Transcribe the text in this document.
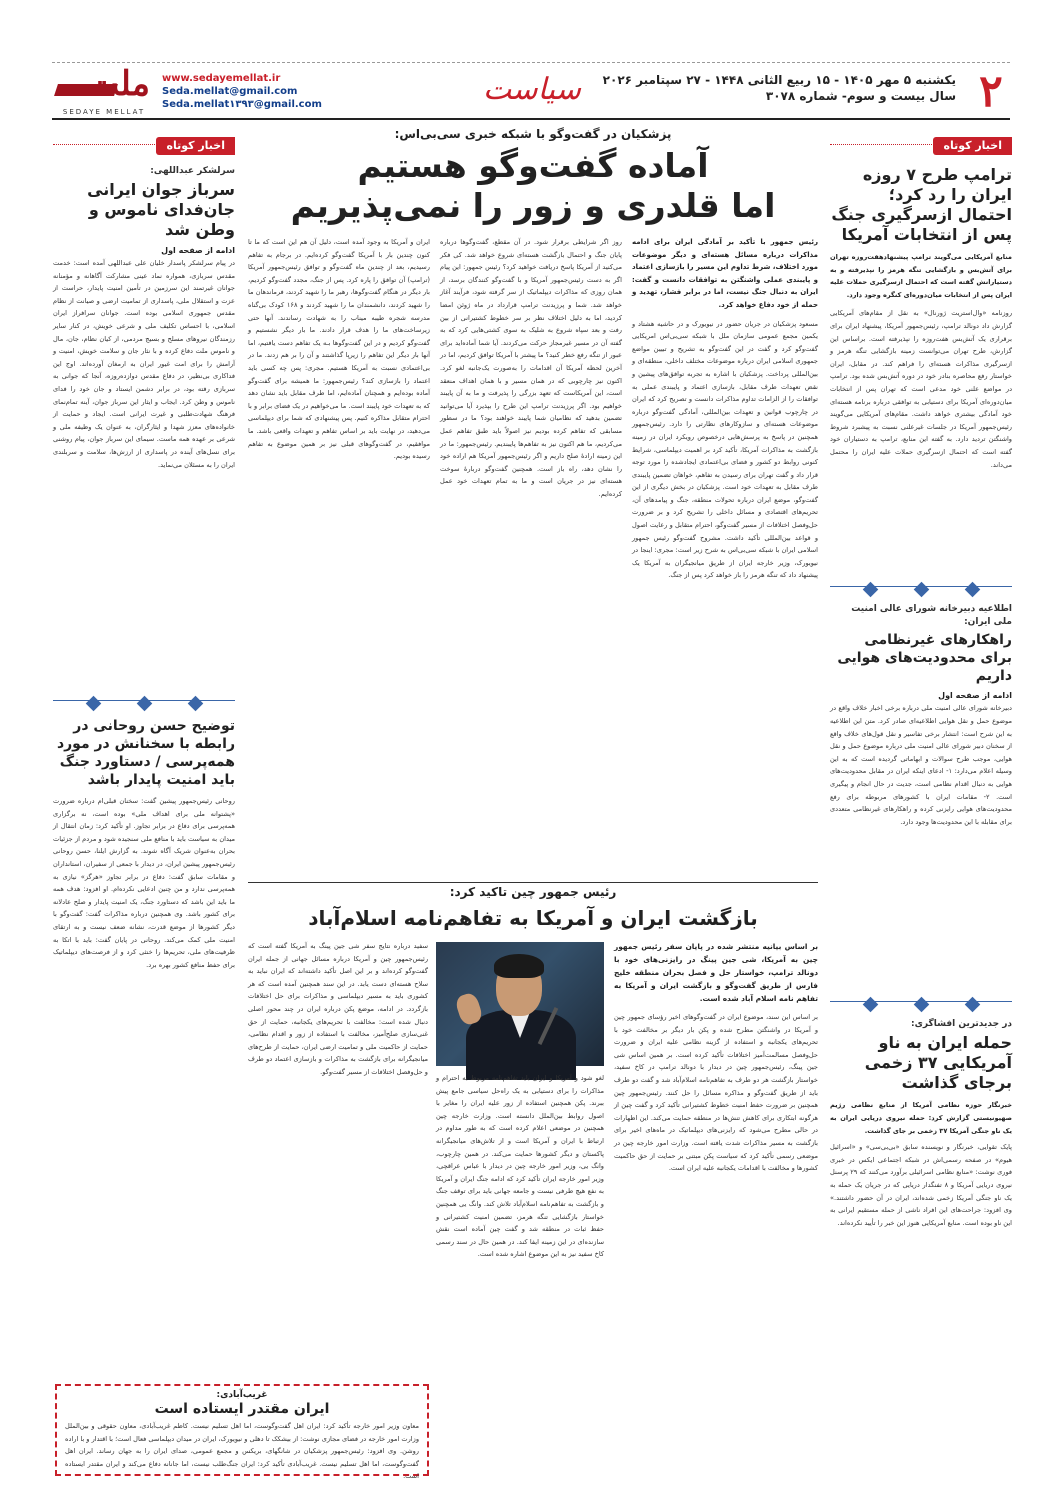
۲
یکشنبه ۵ مهر ۱۴۰۵ - ۱۵ ربیع الثانی ۱۴۴۸ - ۲۷ سپتامبر ۲۰۲۶
سال بیست و سوم- شماره ۳۰۷۸
سیاست
www.sedayemellat.ir
Seda.mellat@gmail.com
Seda.mellat۱۳۹۳@gmail.com
ملت
SEDAYE MELLAT
اخبار کوتاه
ترامپ طرح ۷ روزه ایران را رد کرد؛ احتمال ازسرگیری جنگ پس از انتخابات آمریکا
منابع آمریکایی می‌گویند ترامپ پیشنهادهفت‌روزه تهران برای آتش‌بس و بازگشایی تنگه هرمز را نپذیرفته و به دستیارانش گفته است که احتمال ازسرگیری حملات علیه ایران پس از انتخابات میان‌دوره‌ای کنگره وجود دارد.
روزنامه «وال‌استریت ژورنال» به نقل از مقام‌های آمریکایی گزارش داد دونالد ترامپ، رئیس‌جمهور آمریکا، پیشنهاد ایران برای برقراری یک آتش‌بس هفت‌روزه را نپذیرفته است. براساس این گزارش، طرح تهران می‌توانست زمینه بازگشایی تنگه هرمز و ازسرگیری مذاکرات هسته‌ای را فراهم کند. در مقابل، ایران خواستار رفع محاصره بنادر خود در دوره آتش‌بس شده بود. ترامپ در مواضع علنی خود مدعی است که تهران پس از انتخابات میان‌دوره‌ای آمریکا برای دستیابی به توافقی درباره برنامه هسته‌ای خود آمادگی بیشتری خواهد داشت. مقام‌های آمریکایی می‌گویند رئیس‌جمهور آمریکا در جلسات غیرعلنی نسبت به پیشبرد شروط واشنگتن تردید دارد. به گفته این منابع، ترامپ به دستیاران خود گفته است که احتمال ازسرگیری حملات علیه ایران را محتمل می‌داند.
اطلاعیه دبیرخانه شورای عالی امنیت ملی ایران:
راهکارهای غیرنظامی برای محدودیت‌های هوایی داریم
ادامه از صفحه اول
دبیرخانه شورای عالی امنیت ملی درباره برخی اخبار خلاف واقع در موضوع حمل و نقل هوایی اطلاعیه‌ای صادر کرد. متن این اطلاعیه به این شرح است: انتشار برخی تفاسیر و نقل قول‌های خلاف واقع از سخنان دبیر شورای عالی امنیت ملی درباره موضوع حمل و نقل هوایی، موجب طرح سوالات و ابهاماتی گردیده است که به این وسیله اعلام می‌دارد: ۱- ادعای اینکه ایران در مقابل محدودیت‌های هوایی به دنبال اقدام نظامی است، جدیت در حال انجام و پیگیری است. ۲- مقامات ایران با کشورهای مربوطه برای رفع محدودیت‌های هوایی رایزنی کرده و راهکارهای غیرنظامی متعددی برای مقابله با این محدودیت‌ها وجود دارد.
در جدیدترین افشاگری:
حمله ایران به ناو آمریکایی ۳۷ زخمی برجای گذاشت
خبرنگار حوزه نظامی آمریکا از منابع نظامی رژیم صهیونیستی گزارش کرد: حمله نیروی دریایی ایران به یک ناو جنگی آمریکا ۳۷ زخمی بر جای گذاشت.
پایک تقوایی، خبرنگار و نویسنده سابق «بی‌بی‌سی» و «اسرائیل هیوم» در صفحه رسمی‌اش در شبکه اجتماعی ایکس در خبری فوری نوشت: «منابع نظامی اسرائیلی برآورد می‌کنند که ۲۹ پرسنل نیروی دریایی آمریکا و ۸ تفنگدار دریایی که در جریان یک حمله به یک ناو جنگی آمریکا زخمی شده‌اند، ایران در آن حضور داشتند.» وی افزود: جراحت‌های این افراد ناشی از حمله مستقیم ایرانی به این ناو بوده است. منابع آمریکایی هنوز این خبر را تأیید نکرده‌اند.
پزشکیان در گفت‌وگو با شبکه خبری سی‌بی‌اس:
آماده گفت‌وگو هستیم
اما قلدری و زور را نمی‌پذیریم
رئیس جمهور با تأکید بر آمادگی ایران برای ادامه مذاکرات درباره مسائل هسته‌ای و دیگر موضوعات مورد اختلاف، شرط تداوم این مسیر را بازسازی اعتماد و پایبندی عملی واشنگتن به توافقات دانست و گفت: ایران به دنبال جنگ نیست، اما در برابر فشار، تهدید و حمله از خود دفاع خواهد کرد.
مسعود پزشکیان در جریان حضور در نیویورک و در حاشیه هشتاد و یکمین مجمع عمومی سازمان ملل با شبکه سی‌بی‌اس امریکایی گفت‌وگو کرد و گفت در این گفت‌وگو به تشریح و تبیین مواضع جمهوری اسلامی ایران درباره موضوعات مختلف داخلی، منطقه‌ای و بین‌المللی پرداخت. پزشکیان با اشاره به تجربه توافق‌های پیشین و نقض تعهدات طرف مقابل، بازسازی اعتماد و پایبندی عملی به توافقات را از الزامات تداوم مذاکرات دانست و تصریح کرد که ایران در چارچوب قوانین و تعهدات بین‌المللی، آمادگی گفت‌وگو درباره موضوعات هسته‌ای و سازوکارهای نظارتی را دارد. رئیس‌جمهور همچنین در پاسخ به پرسش‌هایی درخصوص رویکرد ایران در زمینه بازگشت به مذاکرات آمریکا، تأکید کرد بر اهمیت دیپلماسی، شرایط کنونی روابط دو کشور و فضای بی‌اعتمادی ایجادشده را مورد توجه قرار داد و گفت تهران برای رسیدن به تفاهم، خواهان تضمین پایبندی طرف مقابل به تعهدات خود است. پزشکیان در بخش دیگری از این گفت‌وگو، موضع ایران درباره تحولات منطقه، جنگ و پیامدهای آن، تحریم‌های اقتصادی و مسائل داخلی را تشریح کرد و بر ضرورت حل‌وفصل اختلافات از مسیر گفت‌وگو، احترام متقابل و رعایت اصول و قواعد بین‌المللی تأکید داشت. مشروح گفت‌وگو رئیس جمهور اسلامی ایران با شبکه سی‌بی‌اس به شرح زیر است: مجری: اینجا در نیویورک، وزیر خارجه ایران از طریق میانجیگران به آمریکا یک پیشنهاد داد که تنگه هرمز را باز خواهد کرد پس از جنگ.
روز اگر شرایطی برقرار شود. در آن مقطع، گفت‌وگوها درباره پایان جنگ و احتمال بازگشت هسته‌ای شروع خواهد شد. کی فکر می‌کنید از آمریکا پاسخ دریافت خواهید کرد؟ رئیس جمهور: این پیام اگر به دست رئیس‌جمهور آمریکا و با گفت‌وگو کنندگان برسد، از همان روزی که مذاکرات دیپلماتیک از سر گرفته شود، فرآیند آغاز خواهد شد. شما و پرزیدنت ترامپ قرارداد در ماه ژوئن امضا کردید، اما به دلیل اختلاف نظر بر سر خطوط کشتیرانی از بین رفت و بعد سپاه شروع به شلیک به سوی کشتی‌هایی کرد که به گفته آن در مسیر غیرمجاز حرکت می‌کردند. آیا شما آماده‌اید برای عبور از تنگه رفع خطر کنید؟ ما پیشتر با آمریکا توافق کردیم، اما در آخرین لحظه آمریکا آن اقدامات را به‌صورت یک‌جانبه لغو کرد. اکنون نیز چارچوبی که در همان مسیر و با همان اهداف منعقد است، این آمریکاست که تعهد بزرگی را پذیرفت و ما به آن پایبند خواهیم بود. اگر پرزیدنت ترامپ این طرح را بپذیرد آیا می‌توانید تضمین بدهید که نظامیان شما پایبند خواهند بود؟ ما در سطور مسابقی که تفاهم کرده بودیم نیز اصولاً باید طبق تفاهم عمل می‌کردیم، ما هم اکنون نیز به تفاهم‌ها پایبندیم. رئیس‌جمهور: ما در این زمینه ارادهٔ صلح داریم و اگر رئیس‌جمهور آمریکا هم اراده خود را نشان دهد، راه باز است. همچنین گفت‌وگو دربارهٔ سوخت هسته‌ای نیز در جریان است و ما به تمام تعهدات خود عمل کرده‌ایم.
ایران و آمریکا به وجود آمده است، دلیل آن هم این است که ما تا کنون چندین بار با آمریکا گفت‌وگو کرده‌ایم. در برجام به تفاهم رسیدیم، بعد از چندین ماه گفت‌وگو و توافق رئیس‌جمهور آمریکا (ترامپ) آن توافق را پاره کرد. پس از جنگ، مجدد گفت‌وگو کردیم، بار دیگر در هنگام گفت‌وگوها، رهبر ما را شهید کردند، فرماندهان ما را شهید کردند، دانشمندان ما را شهید کردند و ۱۶۸ کودک بی‌گناه مدرسه شجره طیبه میناب را به شهادت رساندند. آنها حتی زیرساخت‌های ما را هدف قرار دادند. ما بار دیگر نشستیم و گفت‌وگو کردیم و در این گفت‌وگوها بـه یک تفاهم دست یافتیم، اما آنها بار دیگر این تفاهم را زیرپا گذاشتند و آن را بر هم زدند. ما در بی‌اعتمادی نسبت به آمریکا هستیم. مجری: پس چه کسی باید اعتماد را بازسازی کند؟ رئیس‌جمهور: ما همیشه برای گفت‌وگو آماده بوده‌ایم و همچنان آماده‌ایم، اما طرف مقابل باید نشان دهد که به تعهدات خود پایبند است. ما می‌خواهیم در یک فضای برابر و با احترام متقابل مذاکره کنیم. پس پیشنهادی که شما برای دیپلماسی می‌دهید، در نهایت باید بر اساس تفاهم و تعهدات واقعی باشد. ما موافقیم، در گفت‌وگوهای قبلی نیز بر همین موضوع به تفاهم رسیده بودیم.
رئیس جمهور چین تاکید کرد:
بازگشت ایران و آمریکا به تفاهم‌نامه اسلام‌آباد
بر اساس بیانیه منتشر شده در پایان سفر رئیس جمهور چین به آمریکا، شی جین پینگ در رایزنی‌های خود با دونالد ترامپ، خواستار حل و فصل بحران منطقه خلیج فارس از طریق گفت‌وگو و بازگشت ایران و آمریکا به تفاهم نامه اسلام آباد شده است.
بر اساس این سند، موضوع ایران در گفت‌وگوهای اخیر رؤسای جمهور چین و آمریکا در واشنگتن مطرح شده و پکن بار دیگر بر مخالفت خود با تحریم‌های یکجانبه و استفاده از گزینه نظامی علیه ایران و ضرورت حل‌وفصل مسالمت‌آمیز اختلافات تأکید کرده است. بر همین اساس شی جین پینگ، رئیس‌جمهور چین در دیدار با دونالد ترامپ در کاخ سفید، خواستار بازگشت هر دو طرف به تفاهم‌نامه اسلام‌آباد شد و گفت دو طرف باید از طریق گفت‌وگو و مذاکره مسائل را حل کنند. رئیس‌جمهور چین همچنین بر ضرورت حفظ امنیت خطوط کشتیرانی تأکید کرد و گفت چین از هرگونه ابتکاری برای کاهش تنش‌ها در منطقه حمایت می‌کند. این اظهارات در حالی مطرح می‌شود که رایزنی‌های دیپلماتیک در ماه‌های اخیر برای بازگشت به مسیر مذاکرات شدت یافته است. وزارت امور خارجه چین در موضعی رسمی تأکید کرد که سیاست پکن مبتنی بر حمایت از حق حاکمیت کشورها و مخالفت با اقدامات یکجانبه علیه ایران است.
لغو شود و آمریکا و ایران باید تفاهم‌نامه مربوط به احترام و مذاکرات را برای دستیابی به یک راه‌حل سیاسی جامع پیش ببرند. پکن همچنین استفاده از زور علیه ایران را مغایر با اصول روابط بین‌الملل دانسته است. وزارت خارجه چین همچنین در موضعی اعلام کرده است که به طور مداوم در ارتباط با ایران و آمریکا است و از تلاش‌های میانجیگرانه پاکستان و دیگر کشورها حمایت می‌کند. در همین چارچوب، وانگ یی، وزیر امور خارجه چین در دیدار با عباس عراقچی، وزیر امور خارجه ایران تأکید کرد که ادامه جنگ ایران و آمریکا به نفع هیچ طرفی نیست و جامعه جهانی باید برای توقف جنگ و بازگشت به تفاهم‌نامه اسلام‌آباد تلاش کند. وانگ یی همچنین خواستار بازگشایی تنگه هرمز، تضمین امنیت کشتیرانی و حفظ ثبات در منطقه شد و گفت چین آماده است نقش سازنده‌ای در این زمینه ایفا کند. در همین حال در سند رسمی کاخ سفید نیز به این موضوع اشاره شده است.
سفید درباره نتایج سفر شی جین پینگ به آمریکا گفته است که رئیس‌جمهور چین و آمریکا درباره مسائل جهانی از جمله ایران گفت‌وگو کرده‌اند و بر این اصل تأکید داشته‌اند که ایران نباید به سلاح هسته‌ای دست یابد. در این سند همچنین آمده است که هر کشوری باید به مسیر دیپلماسی و مذاکرات برای حل اختلافات بازگردد. در ادامه، موضع پکن درباره ایران در چند محور اصلی دنبال شده است: مخالفت با تحریم‌های یکجانبه، حمایت از حق غنی‌سازی صلح‌آمیز، مخالفت با استفاده از زور و اقدام نظامی، حمایت از حاکمیت ملی و تمامیت ارضی ایران، حمایت از طرح‌های میانجیگرانه برای بازگشت به مذاکرات و بازسازی اعتماد دو طرف و حل‌وفصل اختلافات از مسیر گفت‌وگو.
اخبار کوتاه
سرلشکر عبداللهی:
سرباز جوان ایرانی جان‌فدای ناموس و وطن شد
ادامه از صفحه اول
در پیام سرلشکر پاسدار خلیان علی عبداللهی آمده است: خدمت مقدس سربازی، همواره نماد عینی مشارکت آگاهانه و مؤمنانه جوانان غیرتمند این سرزمین در تأمین امنیت پایدار، حراست از عزت و استقلال ملی، پاسداری از تمامیت ارضی و صیانت از نظام مقدس جمهوری اسلامی بوده است. جوانان سرافراز ایران اسلامی، با احساس تکلیف ملی و شرعی خویش، در کنار سایر رزمندگان نیروهای مسلح و بسیج مردمی، از کیان نظام، جان، مال و ناموس ملت دفاع کرده و با نثار جان و سلامت خویش، امنیت و آرامش را برای امت غیور ایران به ارمغان آورده‌اند. اوج این فداکاری بی‌نظیر، در دفاع مقدس دوازده‌روزه، آنجا که جوانی به سربازی رفته بود، در برابر دشمن ایستاد و جان خود را فدای ناموس و وطن کرد. ایجاب و ایثار این سرباز جوان، آینه تمام‌نمای فرهنگ شهادت‌طلبی و غیرت ایرانی است. ایجاد و حمایت از خانواده‌های معزز شهدا و ایثارگران، به عنوان یک وظیفه ملی و شرعی بر عهده همه ماست. سیمای این سرباز جوان، پیام روشنی برای نسل‌های آینده در پاسداری از ارزش‌ها، سلامت و سربلندی ایران را به مسئلان می‌نماید.
توضیح حسن روحانی در رابطه با سخنانش در مورد همه‌پرسی / دستاورد جنگ باید امنیت پایدار باشد
روحانی رئیس‌جمهور پیشین گفت: سخنان قبلی‌ام درباره ضرورت «پشتوانه ملی برای اهداف ملی» بوده است، نه برگزاری همه‌پرسی برای دفاع در برابر تجاوز. او تأکید کرد: زمان انتقال از میدان به سیاست باید با منافع ملی سنجیده شود و مردم از جزئیات بحران به‌عنوان شریک آگاه شوند. به گزارش ایلنا، حسن روحانی رئیس‌جمهور پیشین ایران، در دیدار با جمعی از سفیران، استانداران و مقامات سابق گفت: دفاع در برابر تجاوز «هرگز» نیازی به همه‌پرسی ندارد و من چنین ادعایی نکرده‌ام. او افزود: هدف همه ما باید این باشد که دستاورد جنگ، یک امنیت پایدار و صلح عادلانه برای کشور باشد. وی همچنین درباره مذاکرات گفت: گفت‌وگو با دیگر کشورها از موضع قدرت، نشانه ضعف نیست و به ارتقای امنیت ملی کمک می‌کند. روحانی در پایان گفت: باید با اتکا به ظرفیت‌های ملی، تحریم‌ها را خنثی کرد و از فرصت‌های دیپلماتیک برای حفظ منافع کشور بهره برد.
غریب‌آبادی:
ایران مقتدر ایستاده است
معاون وزیر امور خارجه تأکید کرد: ایران اهل گفت‌وگوست، اما اهل تسلیم نیست. کاظم غریب‌آبادی، معاون حقوقی و بین‌الملل وزارت امور خارجه در فضای مجازی نوشت: از بیشکک تا دهلی و نیویورک، ایران در میدان دیپلماسی فعال است؛ با اقتدار و با اراده روشن. وی افزود: رئیس‌جمهور پزشکیان در شانگهای، بریکس و مجمع عمومی، صدای ایران را به جهان رساند. ایران اهل گفت‌وگوست، اما اهل تسلیم نیست. غریب‌آبادی تأکید کرد: ایران جنگ‌طلب نیست، اما جانانه دفاع می‌کند و ایران مقتدر ایستاده است.
